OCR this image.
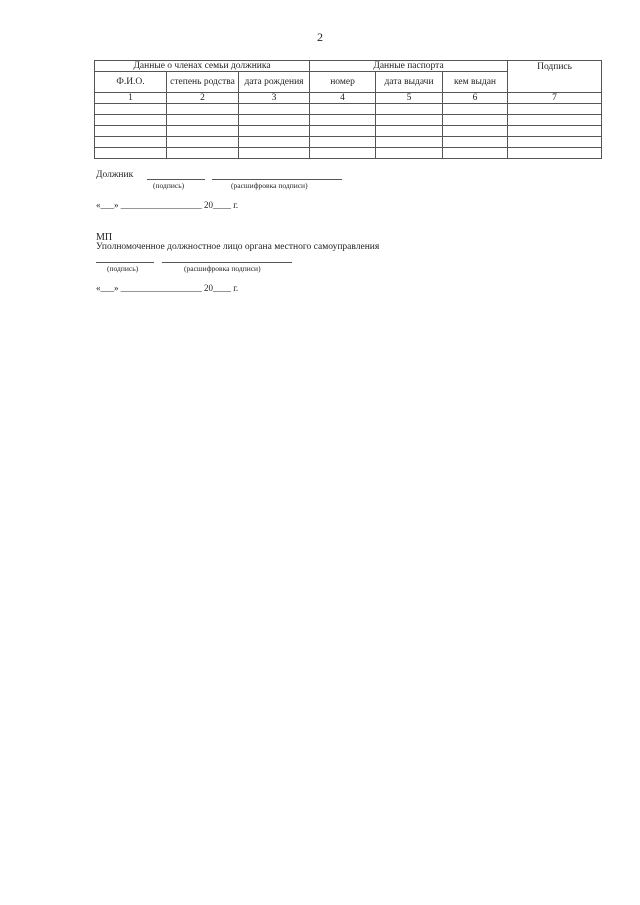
2
Данные о членах семьи должника			Данные паспорта			Подпись
Ф.И.О.	степень родства	дата рождения	номер	дата выдачи	кем выдан	
1	2	3	4	5	6	7

Должник
(подпись)	(расшифровка подписи)
«___» __________________ 20____ г.
МП
Уполномоченное должностное лицо органа местного самоуправления
(подпись)	(расшифровка подписи)
«___» __________________ 20____ г.
